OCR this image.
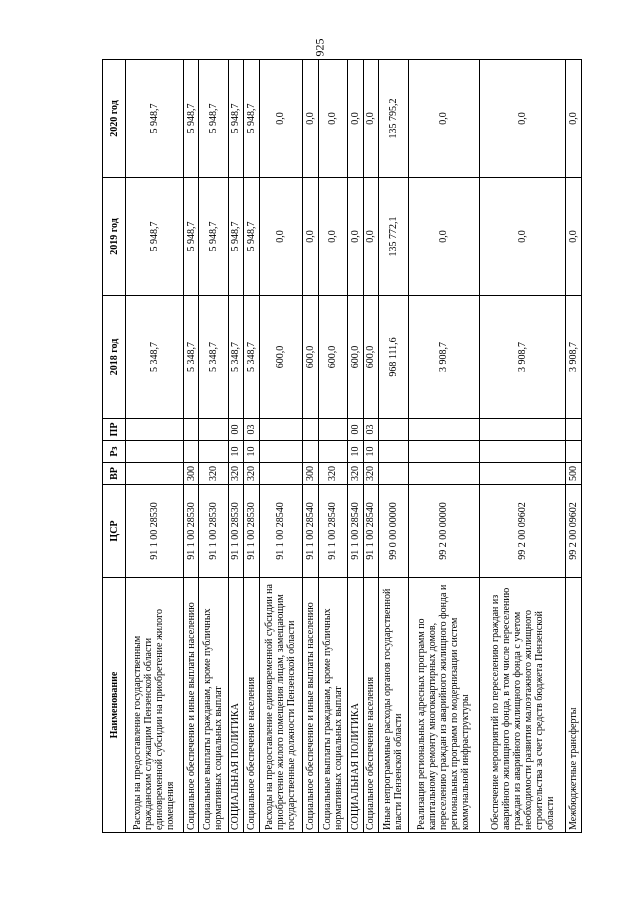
925
Наименование	ЦСР	ВР	Рз	ПР	2018 год	2019 год	2020 год
Расходы на предоставление государственным гражданским служащим Пензенской области единовременной субсидии на приобретение жилого помещения	91 1 00 28530				5 348,7	5 948,7	5 948,7
Социальное обеспечение и иные выплаты населению	91 1 00 28530	300			5 348,7	5 948,7	5 948,7
Социальные выплаты гражданам, кроме публичных нормативных социальных выплат	91 1 00 28530	320			5 348,7	5 948,7	5 948,7
СОЦИАЛЬНАЯ ПОЛИТИКА	91 1 00 28530	320	10	00	5 348,7	5 948,7	5 948,7
Социальное обеспечение населения	91 1 00 28530	320	10	03	5 348,7	5 948,7	5 948,7
Расходы на предоставление единовременной субсидии на приобретение жилого помещения лицам, замещающим государственные должности Пензенской области	91 1 00 28540				600,0	0,0	0,0
Социальное обеспечение и иные выплаты населению	91 1 00 28540	300			600,0	0,0	0,0
Социальные выплаты гражданам, кроме публичных нормативных социальных выплат	91 1 00 28540	320			600,0	0,0	0,0
СОЦИАЛЬНАЯ ПОЛИТИКА	91 1 00 28540	320	10	00	600,0	0,0	0,0
Социальное обеспечение населения	91 1 00 28540	320	10	03	600,0	0,0	0,0
Иные непрограммные расходы органов государственной власти Пензенской области	99 0 00 00000				968 111,6	135 772,1	135 795,2
Реализация региональных адресных программ по капитальному ремонту многоквартирных домов, переселению граждан из аварийного жилищного фонда и региональных программ по модернизации систем коммунальной инфраструктуры	99 2 00 00000				3 908,7	0,0	0,0
Обеспечение мероприятий по переселению граждан из аварийного жилищного фонда, в том числе переселению граждан из аварийного жилищного фонда с учетом необходимости развития малоэтажного жилищного строительства за счет средств бюджета Пензенской области	99 2 00 09602				3 908,7	0,0	0,0
Межбюджетные трансферты	99 2 00 09602	500			3 908,7	0,0	0,0
